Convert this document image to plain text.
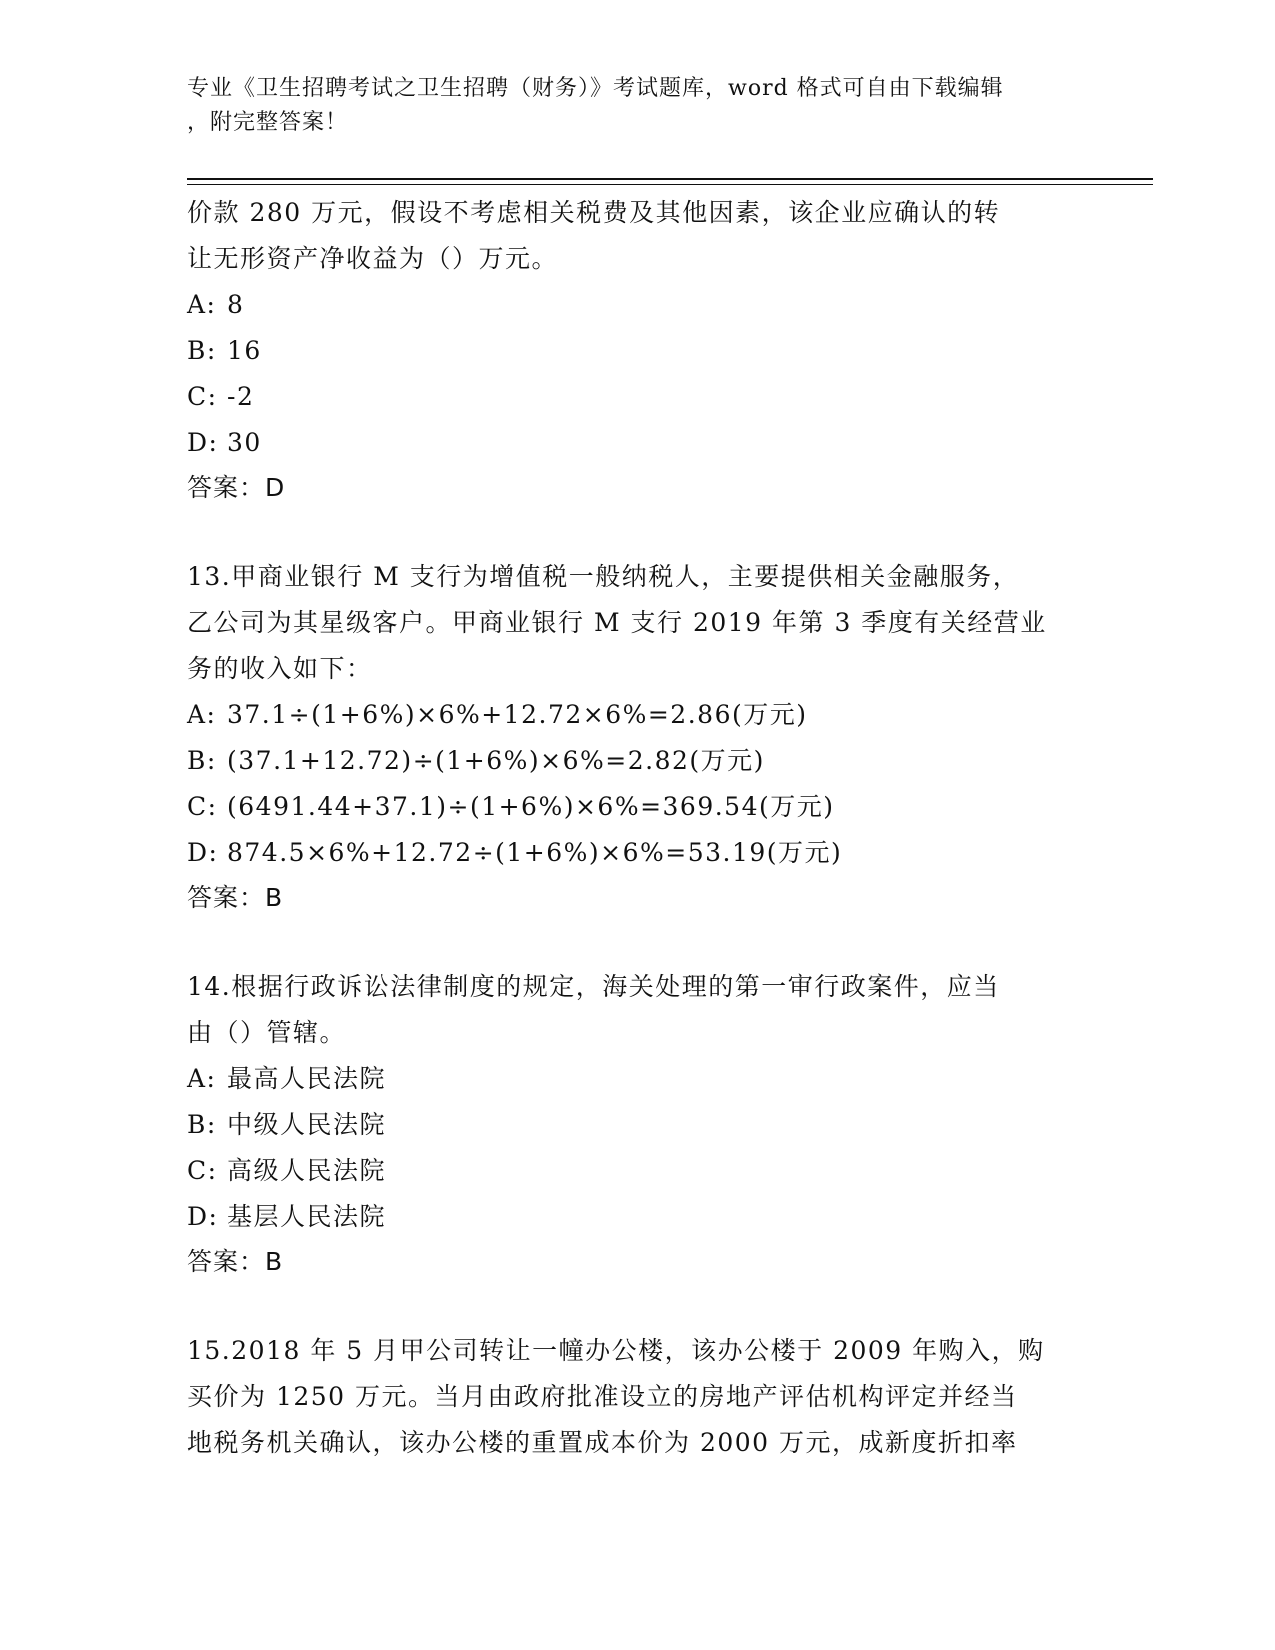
专业《卫生招聘考试之卫生招聘（财务）》考试题库，word 格式可自由下载编辑
，附完整答案！

价款 280 万元，假设不考虑相关税费及其他因素，该企业应确认的转

让无形资产净收益为（）万元。

A: 8

B: 16

C: -2

D: 30

答案：D

13.甲商业银行 M 支行为增值税一般纳税人，主要提供相关金融服务，

乙公司为其星级客户。甲商业银行 M 支行 2019 年第 3 季度有关经营业

务的收入如下：

A: 37.1÷(1+6%)×6%+12.72×6%=2.86(万元)

B: (37.1+12.72)÷(1+6%)×6%=2.82(万元)

C: (6491.44+37.1)÷(1+6%)×6%=369.54(万元)

D: 874.5×6%+12.72÷(1+6%)×6%=53.19(万元)

答案：B

14.根据行政诉讼法律制度的规定，海关处理的第一审行政案件，应当

由（）管辖。

A: 最高人民法院

B: 中级人民法院

C: 高级人民法院

D: 基层人民法院

答案：B

15.2018 年 5 月甲公司转让一幢办公楼，该办公楼于 2009 年购入，购

买价为 1250 万元。当月由政府批准设立的房地产评估机构评定并经当

地税务机关确认，该办公楼的重置成本价为 2000 万元，成新度折扣率
